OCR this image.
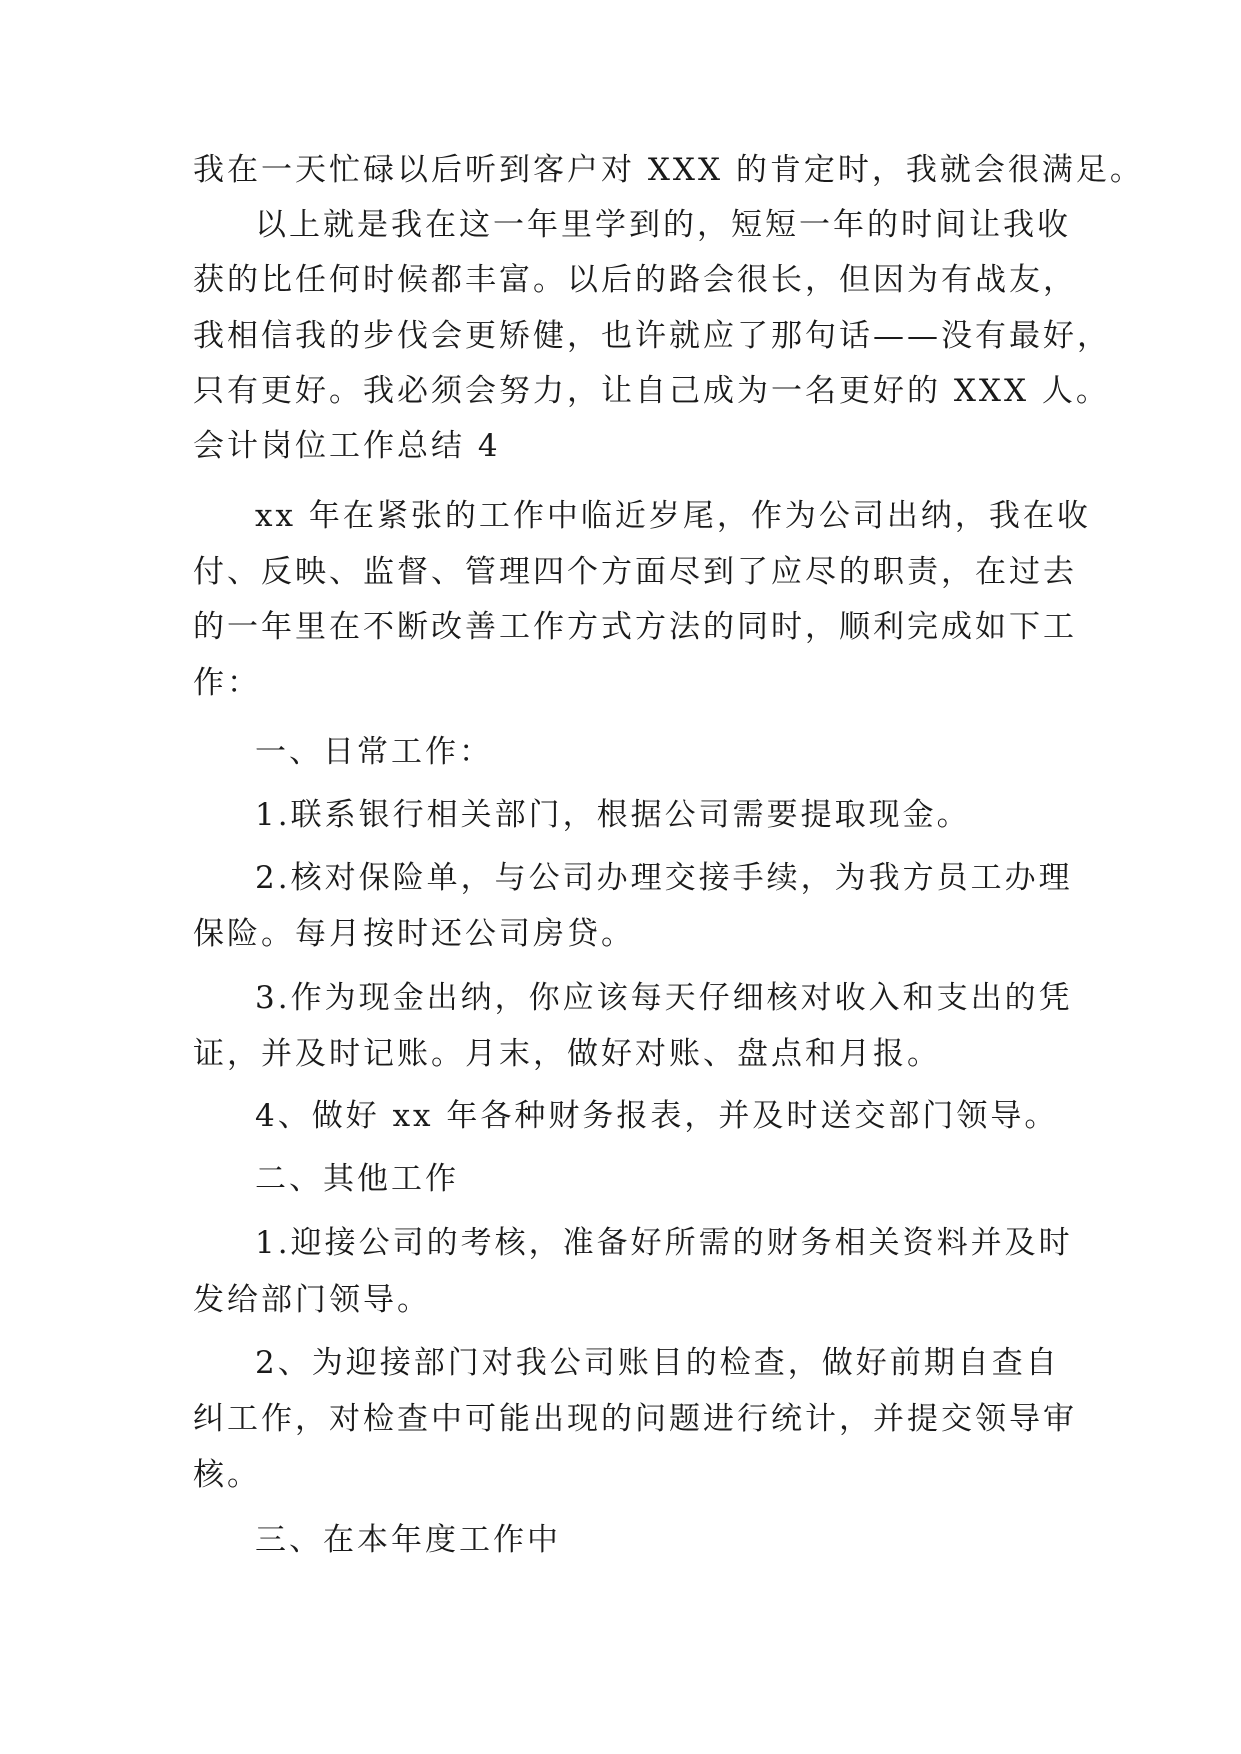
我在一天忙碌以后听到客户对 XXX 的肯定时，我就会很满足。
以上就是我在这一年里学到的，短短一年的时间让我收
获的比任何时候都丰富。以后的路会很长，但因为有战友，
我相信我的步伐会更矫健，也许就应了那句话——没有最好，
只有更好。我必须会努力，让自己成为一名更好的 XXX 人。
会计岗位工作总结 4
xx 年在紧张的工作中临近岁尾，作为公司出纳，我在收
付、反映、监督、管理四个方面尽到了应尽的职责，在过去
的一年里在不断改善工作方式方法的同时，顺利完成如下工
作：
一、日常工作：
1.联系银行相关部门，根据公司需要提取现金。
2.核对保险单，与公司办理交接手续，为我方员工办理
保险。每月按时还公司房贷。
3.作为现金出纳，你应该每天仔细核对收入和支出的凭
证，并及时记账。月末，做好对账、盘点和月报。
4、做好 xx 年各种财务报表，并及时送交部门领导。
二、其他工作
1.迎接公司的考核，准备好所需的财务相关资料并及时
发给部门领导。
2、为迎接部门对我公司账目的检查，做好前期自查自
纠工作，对检查中可能出现的问题进行统计，并提交领导审
核。
三、在本年度工作中
